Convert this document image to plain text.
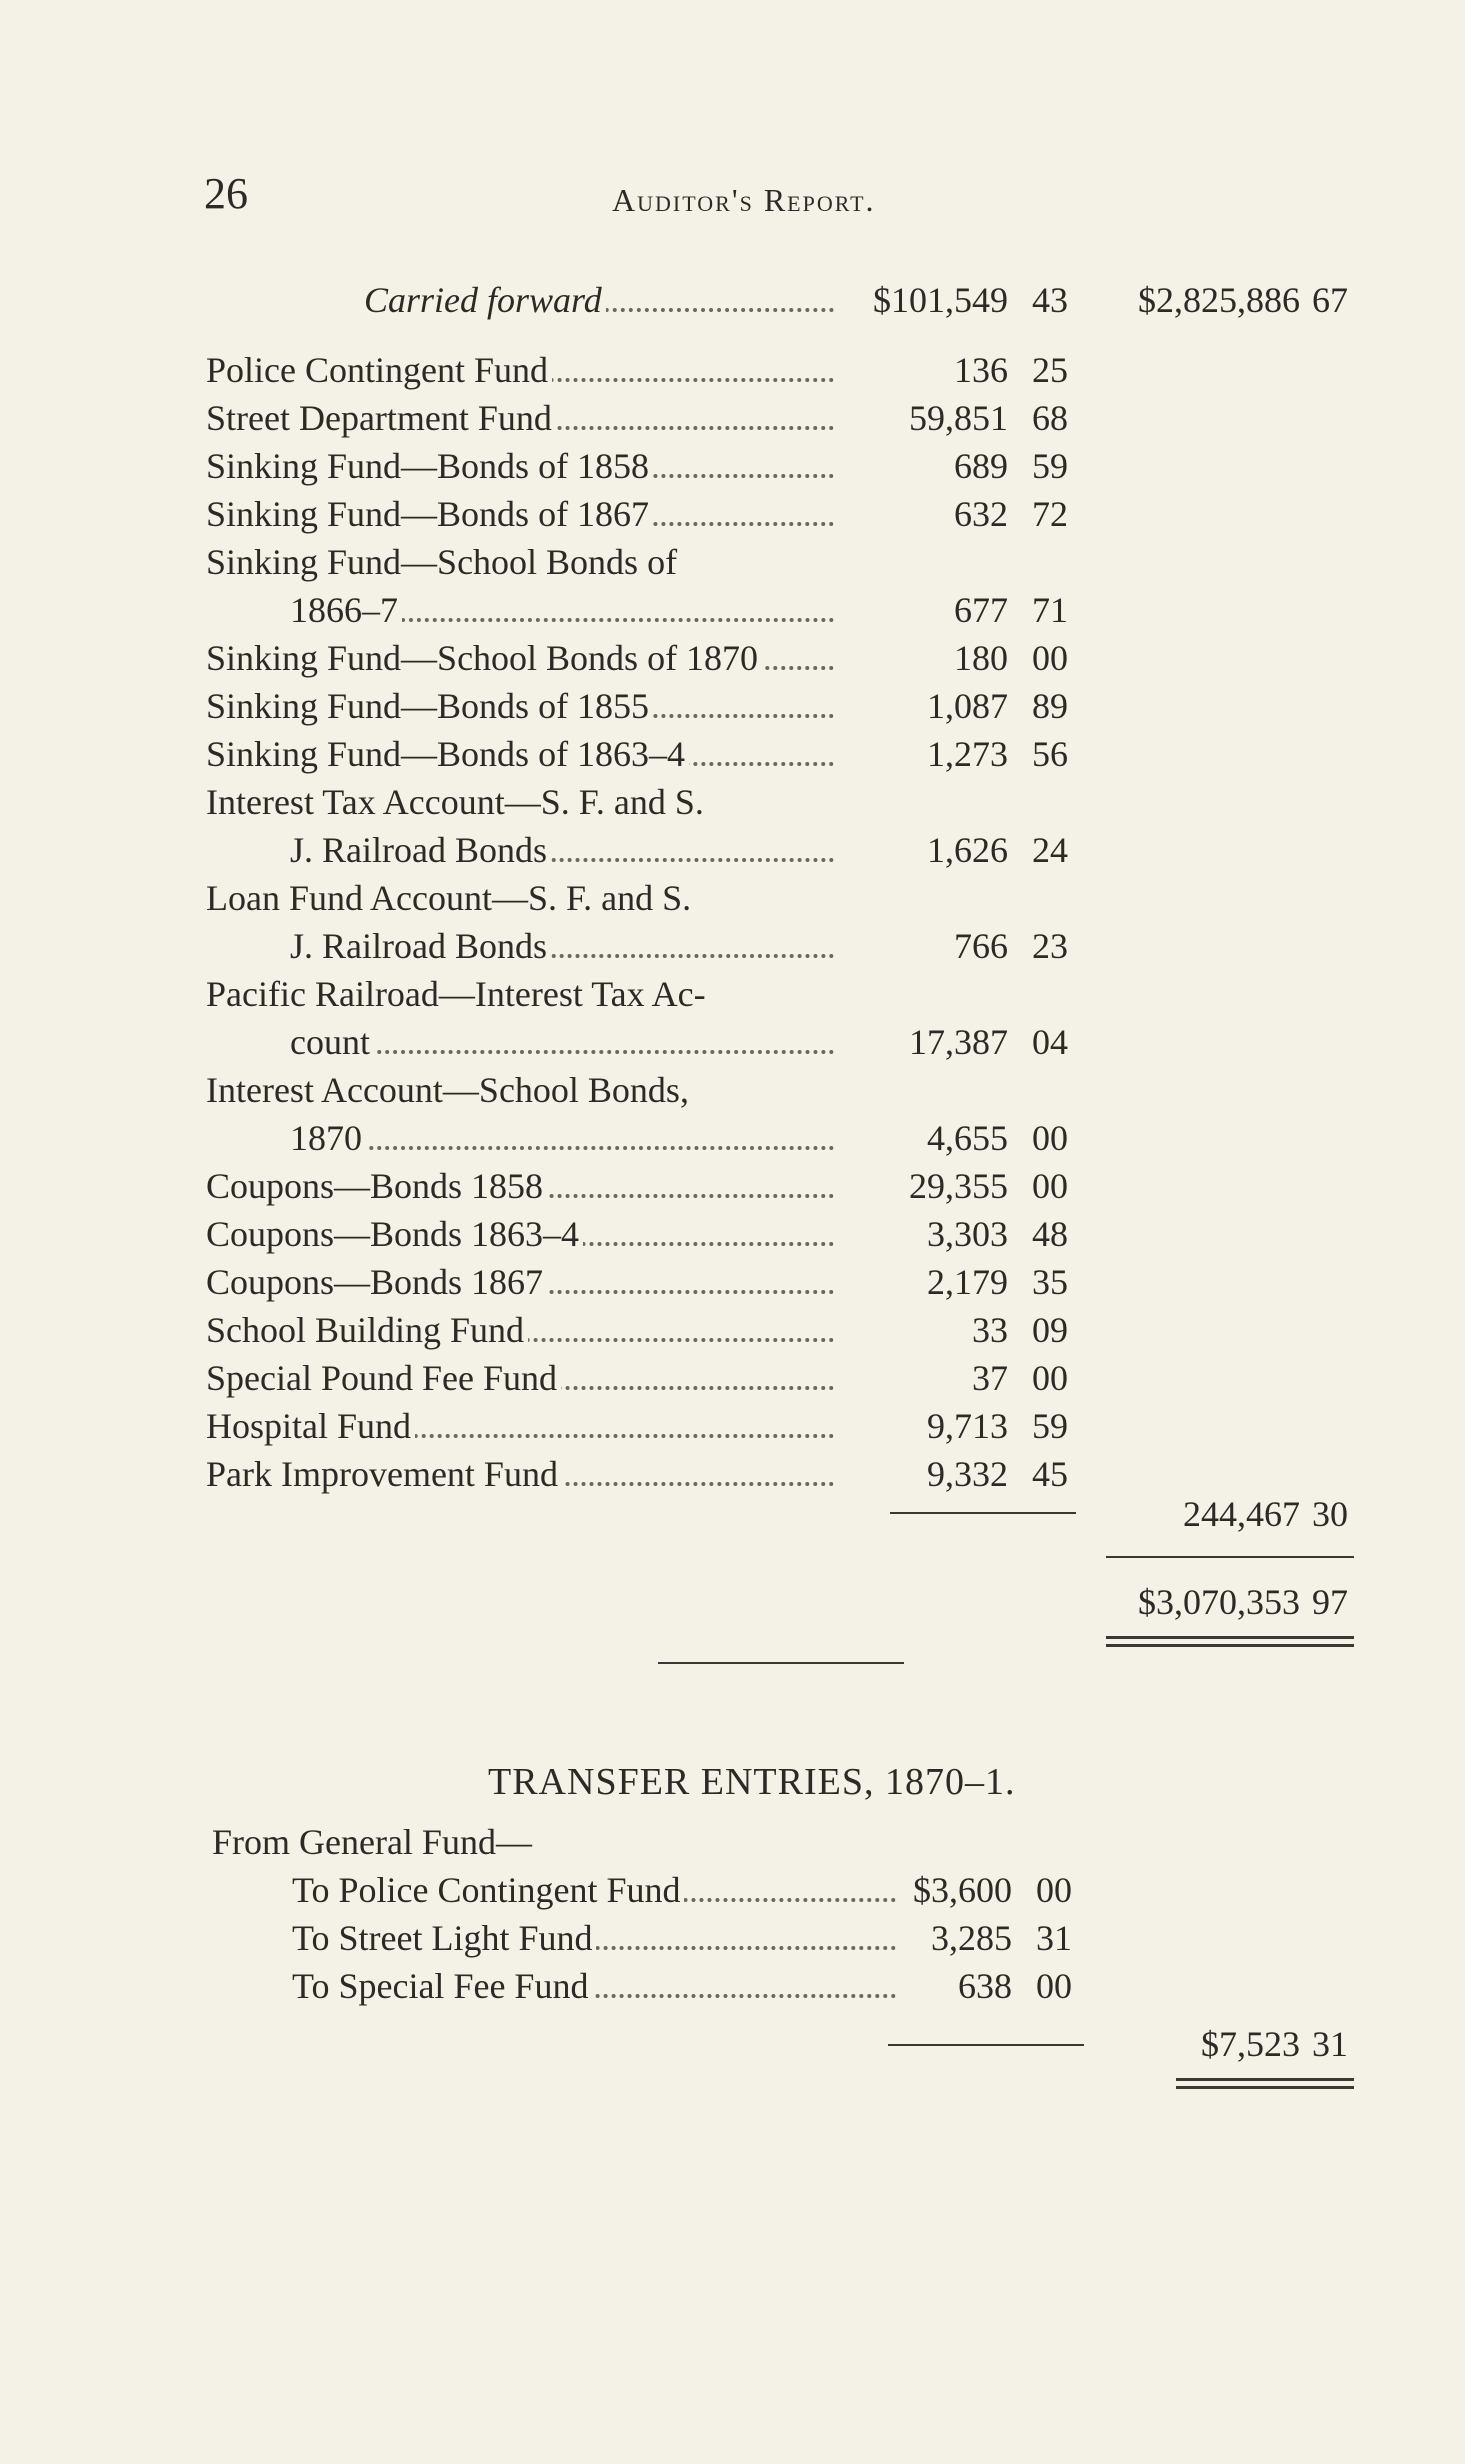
26	Auditor's Report.
Carried forward	$101,549 43	$2,825,886 67
Police Contingent Fund	136 25
Street Department Fund	59,851 68
Sinking Fund—Bonds of 1858	689 59
Sinking Fund—Bonds of 1867	632 72
Sinking Fund—School Bonds of
1866–7	677 71
Sinking Fund—School Bonds of 1870	180 00
Sinking Fund—Bonds of 1855	1,087 89
Sinking Fund—Bonds of 1863–4	1,273 56
Interest Tax Account—S. F. and S.
J. Railroad Bonds	1,626 24
Loan Fund Account—S. F. and S.
J. Railroad Bonds	766 23
Pacific Railroad—Interest Tax Ac-
count	17,387 04
Interest Account—School Bonds,
1870	4,655 00
Coupons—Bonds 1858	29,355 00
Coupons—Bonds 1863–4	3,303 48
Coupons—Bonds 1867	2,179 35
School Building Fund	33 09
Special Pound Fee Fund	37 00
Hospital Fund	9,713 59
Park Improvement Fund	9,332 45
244,467 30
$3,070,353 97
TRANSFER ENTRIES, 1870–1.
From General Fund—
To Police Contingent Fund	$3,600 00
To Street Light Fund	3,285 31
To Special Fee Fund	638 00
$7,523 31
